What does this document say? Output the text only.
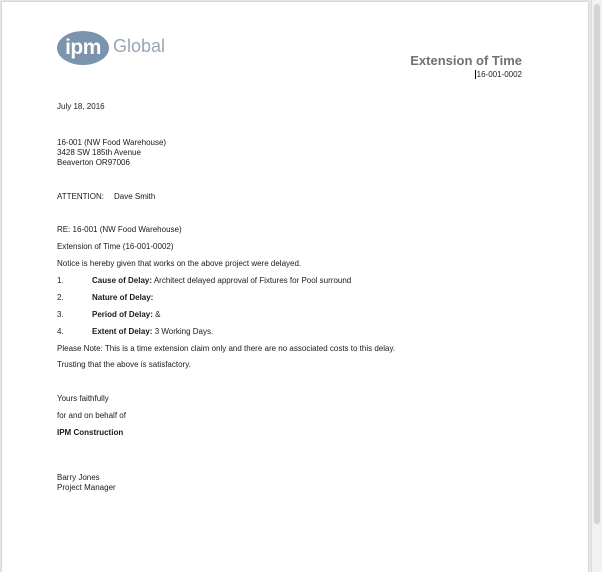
ipm Global
Extension of Time
16-001-0002
July 18, 2016
16-001 (NW Food Warehouse)
3428 SW 185th Avenue
Beaverton OR97006
ATTENTION: Dave Smith
RE: 16-001 (NW Food Warehouse)
Extension of Time (16-001-0002)
Notice is hereby given that works on the above project were delayed.
1.	Cause of Delay: Architect delayed approval of Fixtures for Pool surround
2.	Nature of Delay:
3.	Period of Delay: &
4.	Extent of Delay: 3 Working Days.
Please Note: This is a time extension claim only and there are no associated costs to this delay.
Trusting that the above is satisfactory.
Yours faithfully
for and on behalf of
IPM Construction
Barry Jones
Project Manager
